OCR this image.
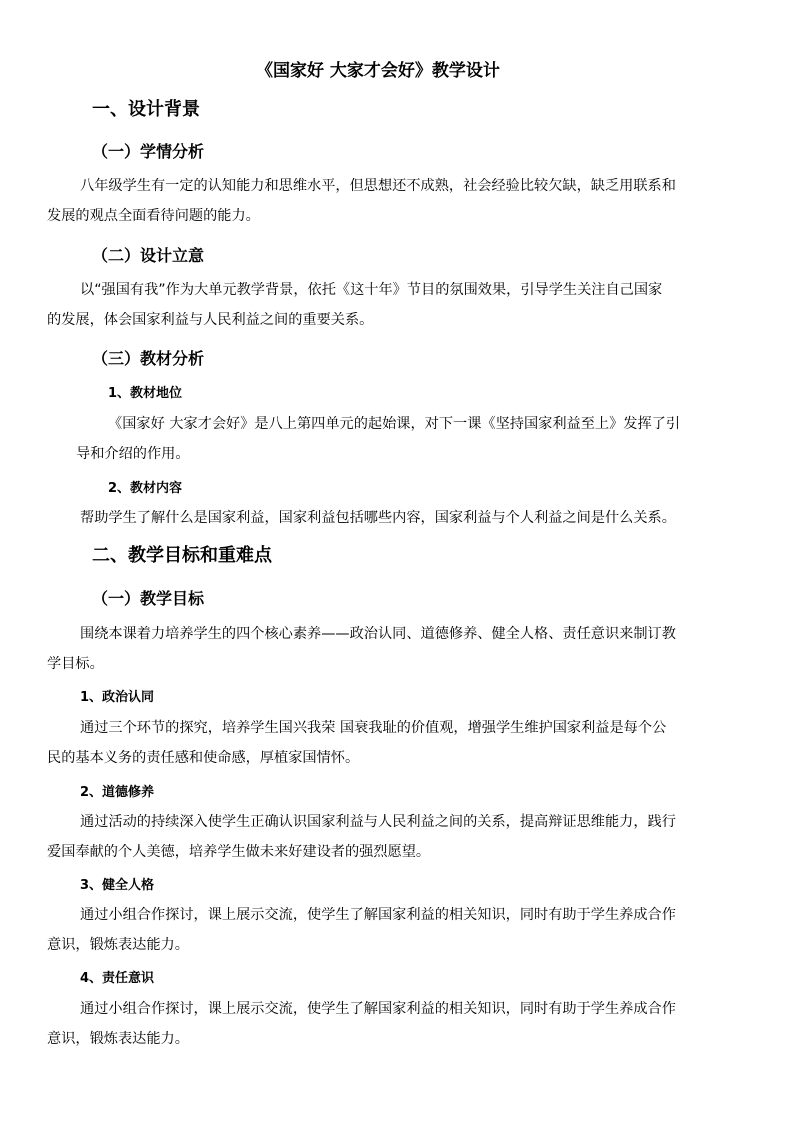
《国家好 大家才会好》教学设计
一、设计背景
（一）学情分析
八年级学生有一定的认知能力和思维水平，但思想还不成熟，社会经验比较欠缺，缺乏用联系和
发展的观点全面看待问题的能力。
（二）设计立意
以“强国有我”作为大单元教学背景，依托《这十年》节目的氛围效果，引导学生关注自己国家
的发展，体会国家利益与人民利益之间的重要关系。
（三）教材分析
1、教材地位
《国家好 大家才会好》是八上第四单元的起始课，对下一课《坚持国家利益至上》发挥了引
导和介绍的作用。
2、教材内容
帮助学生了解什么是国家利益，国家利益包括哪些内容，国家利益与个人利益之间是什么关系。
二、教学目标和重难点
（一）教学目标
围绕本课着力培养学生的四个核心素养——政治认同、道德修养、健全人格、责任意识来制订教
学目标。
1、政治认同
通过三个环节的探究，培养学生国兴我荣 国衰我耻的价值观，增强学生维护国家利益是每个公
民的基本义务的责任感和使命感，厚植家国情怀。
2、道德修养
通过活动的持续深入使学生正确认识国家利益与人民利益之间的关系，提高辩证思维能力，践行
爱国奉献的个人美德，培养学生做未来好建设者的强烈愿望。
3、健全人格
通过小组合作探讨，课上展示交流，使学生了解国家利益的相关知识，同时有助于学生养成合作
意识，锻炼表达能力。
4、责任意识
通过小组合作探讨，课上展示交流，使学生了解国家利益的相关知识，同时有助于学生养成合作
意识，锻炼表达能力。
